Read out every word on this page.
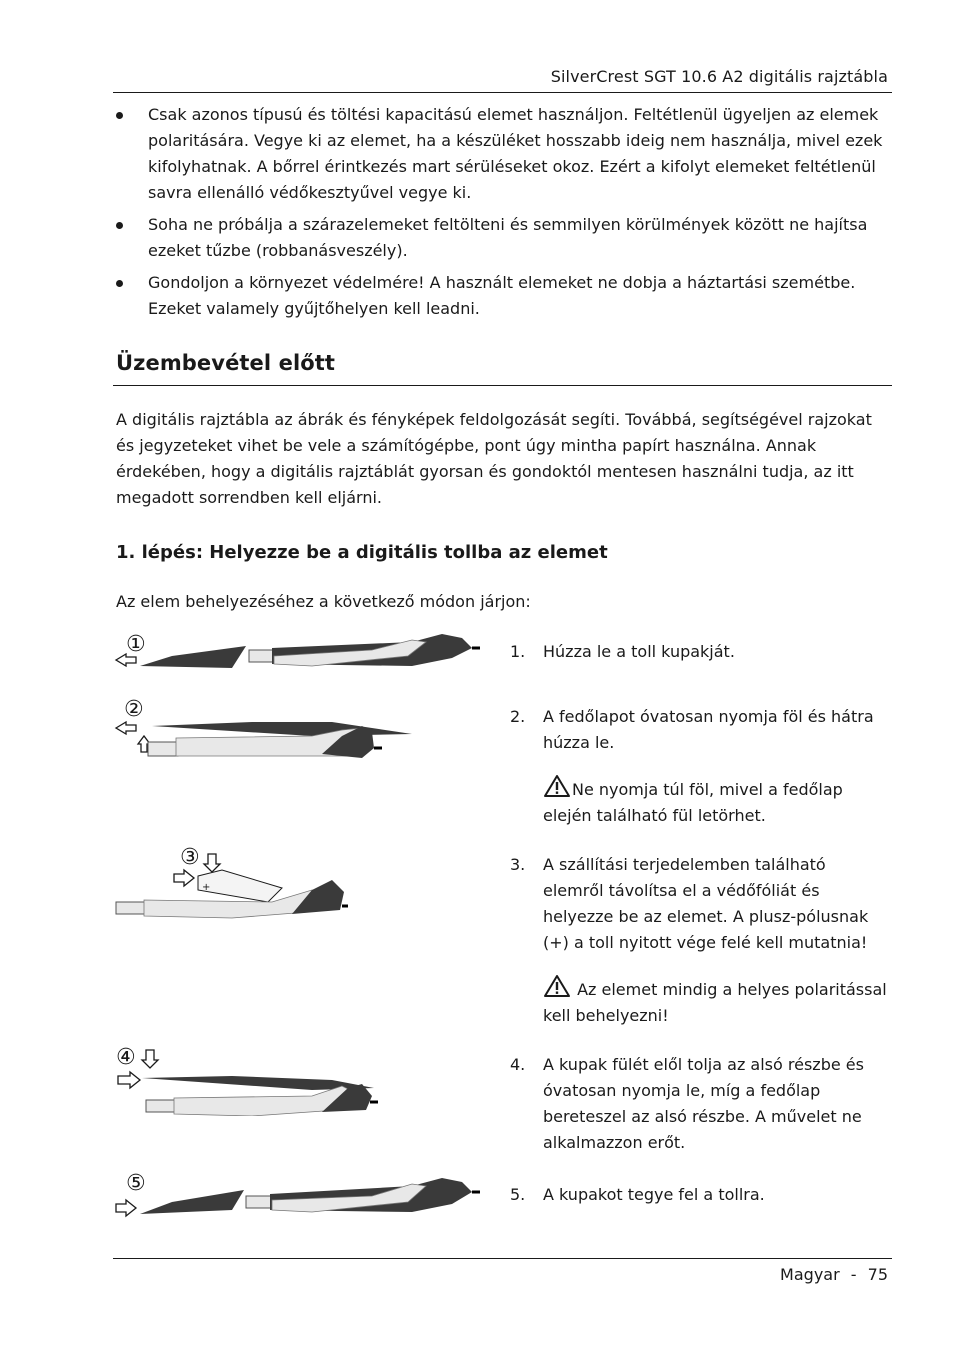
SilverCrest SGT 10.6 A2 digitális rajztábla
Csak azonos típusú és töltési kapacitású elemet használjon. Feltétlenül ügyeljen az elemek polaritására. Vegye ki az elemet, ha a készüléket hosszabb ideig nem használja, mivel ezek kifolyhatnak. A bőrrel érintkezés mart sérüléseket okoz. Ezért a kifolyt elemeket feltétlenül savra ellenálló védőkesztyűvel vegye ki.
Soha ne próbálja a szárazelemeket feltölteni és semmilyen körülmények között ne hajítsa ezeket tűzbe (robbanásveszély).
Gondoljon a környezet védelmére! A használt elemeket ne dobja a háztartási szemétbe. Ezeket valamely gyűjtőhelyen kell leadni.
Üzembevétel előtt

A digitális rajztábla az ábrák és fényképek feldolgozását segíti. Továbbá, segítségével rajzokat és jegyzeteket vihet be vele a számítógépbe, pont úgy mintha papírt használna. Annak érdekében, hogy a digitális rajztáblát gyorsan és gondoktól mentesen használni tudja, az itt megadott sorrendben kell eljárni.

1. lépés: Helyezze be a digitális tollba az elemet

Az elem behelyezéséhez a következő módon járjon:

①
②
③
+
④
⑤
1. Húzza le a toll kupakját.
2. A fedőlapot óvatosan nyomja föl és hátra húzza le.
Ne nyomja túl föl, mivel a fedőlap elején található fül letörhet.
3. A szállítási terjedelemben található elemről távolítsa el a védőfóliát és helyezze be az elemet. A plusz-pólusnak (+) a toll nyitott vége felé kell mutatnia!
Az elemet mindig a helyes polaritással kell behelyezni!
4. A kupak fülét elől tolja az alsó részbe és óvatosan nyomja le, míg a fedőlap bereteszel az alsó részbe. A művelet ne alkalmazzon erőt.
5. A kupakot tegye fel a tollra.
Magyar - 75
